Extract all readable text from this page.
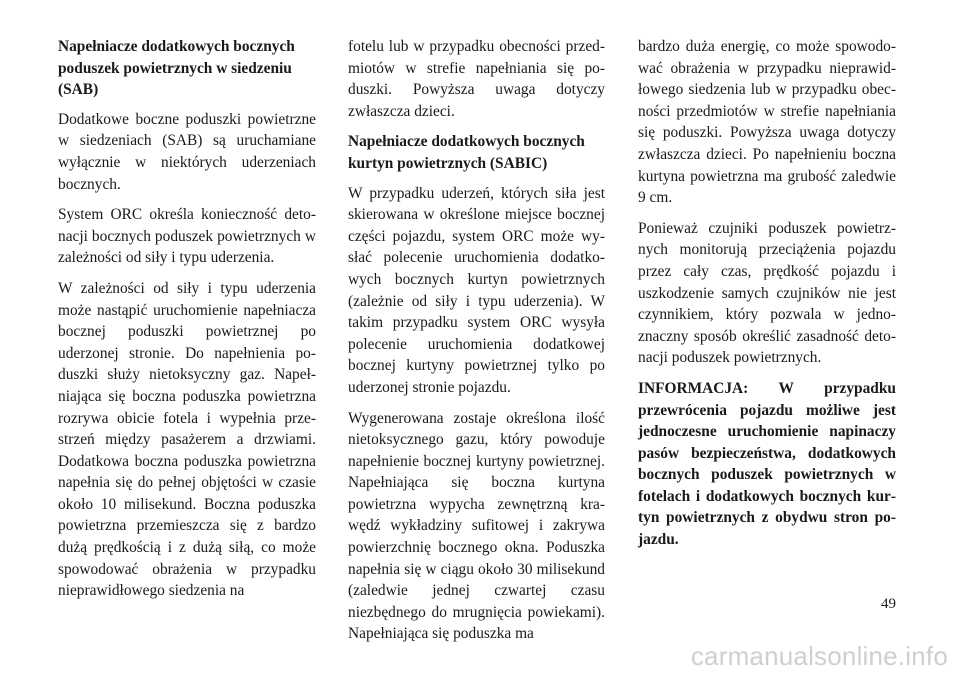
Napełniacze dodatkowych bocznych poduszek powietrznych w siedzeniu (SAB)

Dodatkowe boczne poduszki powietrzne w siedzeniach (SAB) są uruchamiane wyłącznie w niektórych uderzeniach bocznych.

System ORC określa konieczność detonacji bocznych poduszek powietrznych w zależności od siły i typu uderzenia.

W zależności od siły i typu uderzenia może nastąpić uruchomienie napełniacza bocznej poduszki powietrznej po uderzonej stronie. Do napełnienia poduszki służy nietoksyczny gaz. Napełniająca się boczna poduszka powietrzna rozrywa obicie fotela i wypełnia przestrzeń między pasażerem a drzwiami. Dodatkowa boczna poduszka powietrzna napełnia się do pełnej objętości w czasie około 10 milisekund. Boczna poduszka powietrzna przemieszcza się z bardzo dużą prędkością i z dużą siłą, co może spowodować obrażenia w przypadku nieprawidłowego siedzenia na

fotelu lub w przypadku obecności przedmiotów w strefie napełniania się poduszki. Powyższa uwaga dotyczy zwłaszcza dzieci.

Napełniacze dodatkowych bocznych kurtyn powietrznych (SABIC)

W przypadku uderzeń, których siła jest skierowana w określone miejsce bocznej części pojazdu, system ORC może wysłać polecenie uruchomienia dodatkowych bocznych kurtyn powietrznych (zależnie od siły i typu uderzenia). W takim przypadku system ORC wysyła polecenie uruchomienia dodatkowej bocznej kurtyny powietrznej tylko po uderzonej stronie pojazdu.

Wygenerowana zostaje określona ilość nietoksycznego gazu, który powoduje napełnienie bocznej kurtyny powietrznej. Napełniająca się boczna kurtyna powietrzna wypycha zewnętrzną krawędź wykładziny sufitowej i zakrywa powierzchnię bocznego okna. Poduszka napełnia się w ciągu około 30 milisekund (zaledwie jednej czwartej czasu niezbędnego do mrugnięcia powiekami). Napełniająca się poduszka ma

bardzo duża energię, co może spowodować obrażenia w przypadku nieprawidłowego siedzenia lub w przypadku obecności przedmiotów w strefie napełniania się poduszki. Powyższa uwaga dotyczy zwłaszcza dzieci. Po napełnieniu boczna kurtyna powietrzna ma grubość zaledwie 9 cm.

Ponieważ czujniki poduszek powietrznych monitorują przeciążenia pojazdu przez cały czas, prędkość pojazdu i uszkodzenie samych czujników nie jest czynnikiem, który pozwala w jednoznaczny sposób określić zasadność detonacji poduszek powietrznych.

INFORMACJA: W przypadku przewrócenia pojazdu możliwe jest jednoczesne uruchomienie napinaczy pasów bezpieczeństwa, dodatkowych bocznych poduszek powietrznych w fotelach i dodatkowych bocznych kurtyn powietrznych z obydwu stron pojazdu.

49
carmanualsonline.info
